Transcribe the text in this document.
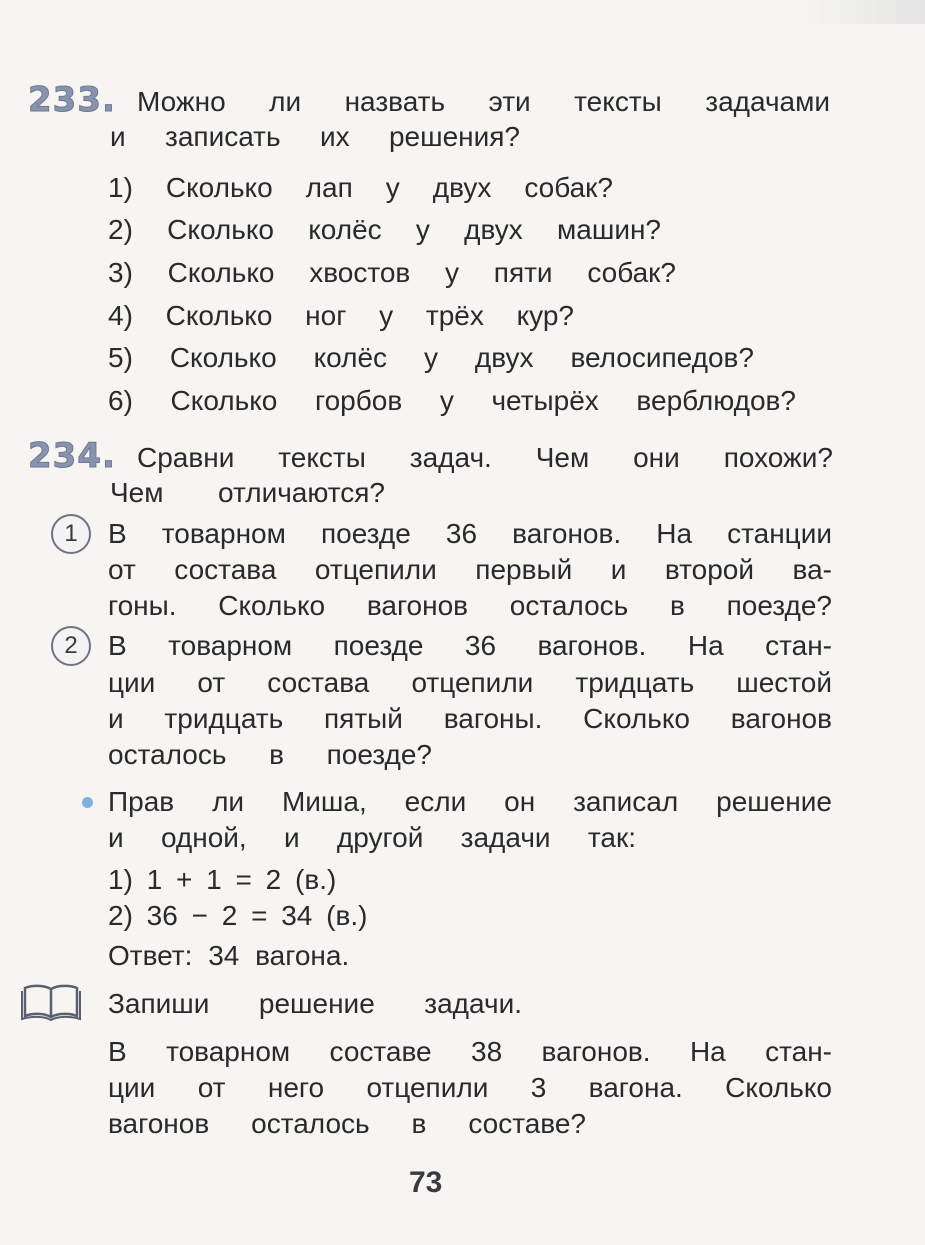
233. Можно ли назвать эти тексты задачами
и записать их решения?
1) Сколько лап у двух собак?
2) Сколько колёс у двух машин?
3) Сколько хвостов у пяти собак?
4) Сколько ног у трёх кур?
5) Сколько колёс у двух велосипедов?
6) Сколько горбов у четырёх верблюдов?
234. Сравни тексты задач. Чем они похожи?
Чем отличаются?
1	В товарном поезде 36 вагонов. На станции
от состава отцепили первый и второй ва-
гоны. Сколько вагонов осталось в поезде?
2	В товарном поезде 36 вагонов. На стан-
ции от состава отцепили тридцать шестой
и тридцать пятый вагоны. Сколько вагонов
осталось в поезде?
Прав ли Миша, если он записал решение
и одной, и другой задачи так:
1) 1 + 1 = 2 (в.)
2) 36 − 2 = 34 (в.)
Ответ: 34 вагона.
Запиши решение задачи.
В товарном составе 38 вагонов. На стан-
ции от него отцепили 3 вагона. Сколько
вагонов осталось в составе?
73
